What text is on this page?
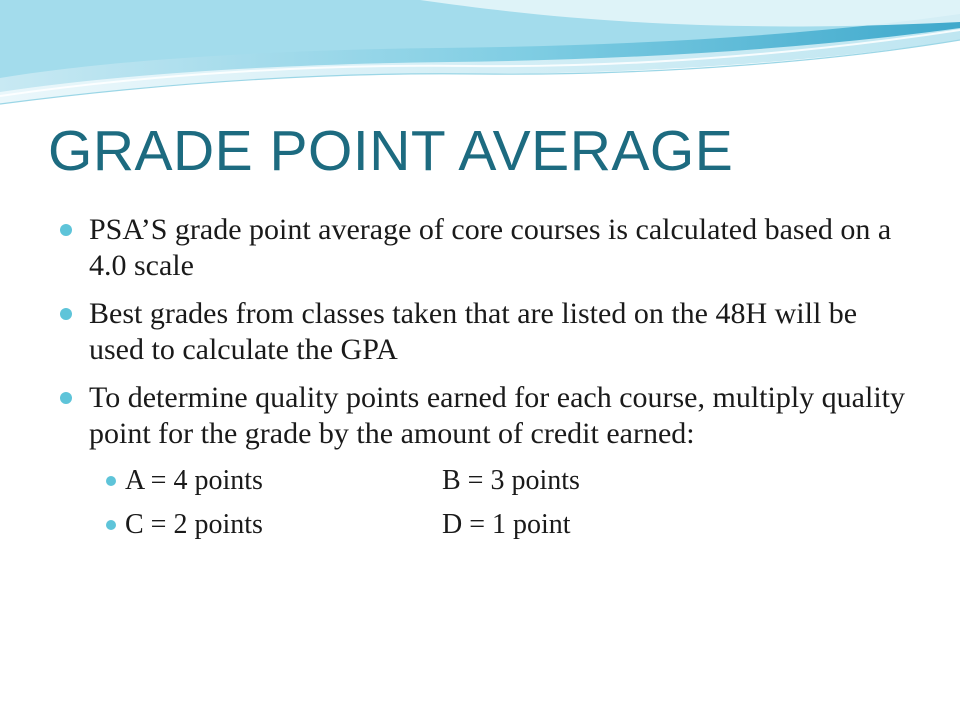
GRADE POINT AVERAGE
PSA’S grade point average of core courses is calculated based on a 4.0 scale
Best grades from classes taken that are listed on the 48H will be used to calculate the GPA
To determine quality points earned for each course, multiply quality point for the grade by the amount of credit earned:
A = 4 points	B = 3 points
C = 2 points	D = 1 point
